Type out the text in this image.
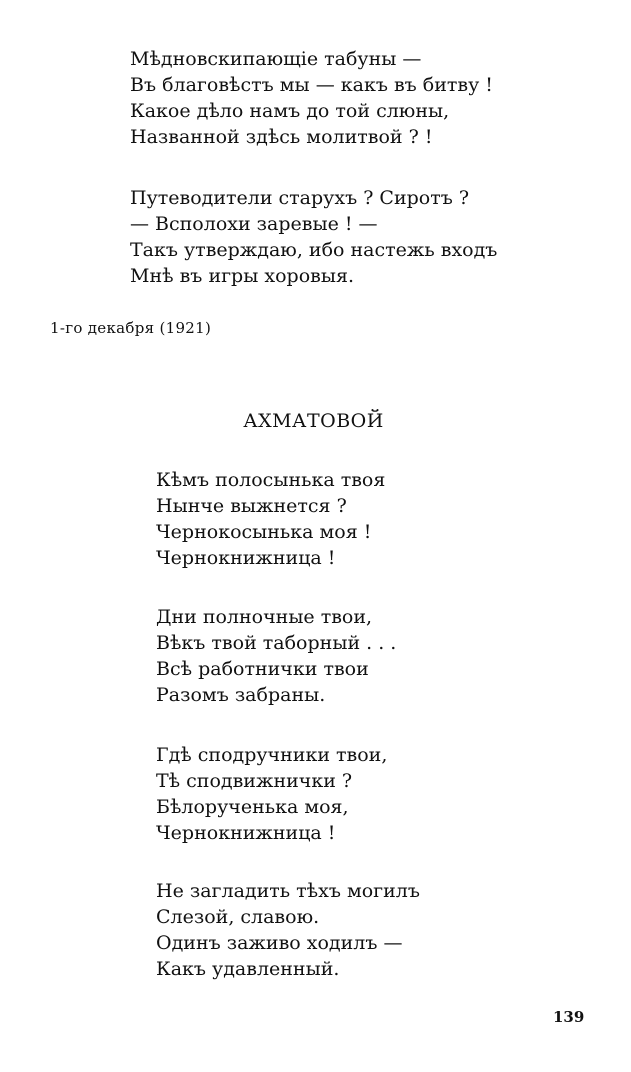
Мѣдновскипающіе табуны —
Въ благовѣстъ мы — какъ въ битву !
Какое дѣло намъ до той слюны,
Названной здѣсь молитвой ? !
Путеводители старухъ ? Сиротъ ?
— Всполохи заревые ! —
Такъ утверждаю, ибо настежь входъ
Мнѣ въ игры хоровыя.
1-го декабря (1921)
АХМАТОВОЙ
Кѣмъ полосынька твоя
Нынче выжнется ?
Чернокосынька моя !
Чернокнижница !
Дни полночные твои,
Вѣкъ твой таборный . . .
Всѣ работнички твои
Разомъ забраны.
Гдѣ сподручники твои,
Тѣ сподвижнички ?
Бѣлорученька моя,
Чернокнижница !
Не загладить тѣхъ могилъ
Слезой, славою.
Одинъ заживо ходилъ —
Какъ удавленный.
139
